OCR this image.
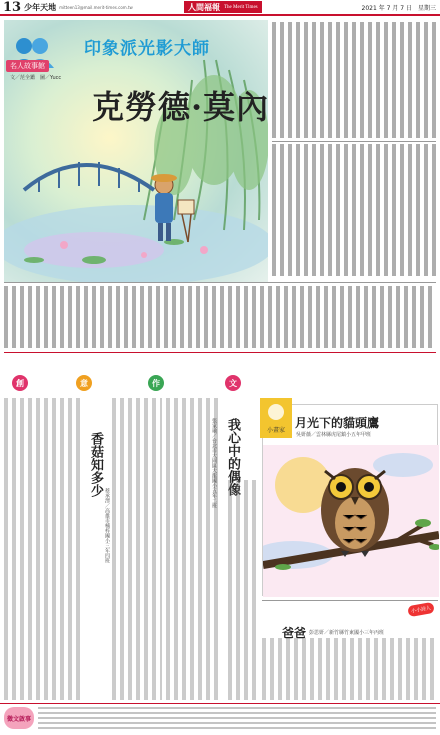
13 少年天地 mitteen13@mail.merit-times.com.tw	人間福報 The Merit Times	2021 年 7 月 7 日　星期三
名人故事館
文／范全鑑　圖／Yucc
印象派光影大師
克勞德·莫內
創	意	作	文
香菇知多少
蔡承澤／高雄市楠梓國小三年四班
我心中的偶像
張家瑜／台北市大同區大龍國小五年二班	小畫家
月光下的貓頭鷹
吳妍薇／雲林縣虎尾鎮小五年甲班
小小詩人
爸爸 彭思妍／新竹縣竹東國小三年丙班
徵文啟事
